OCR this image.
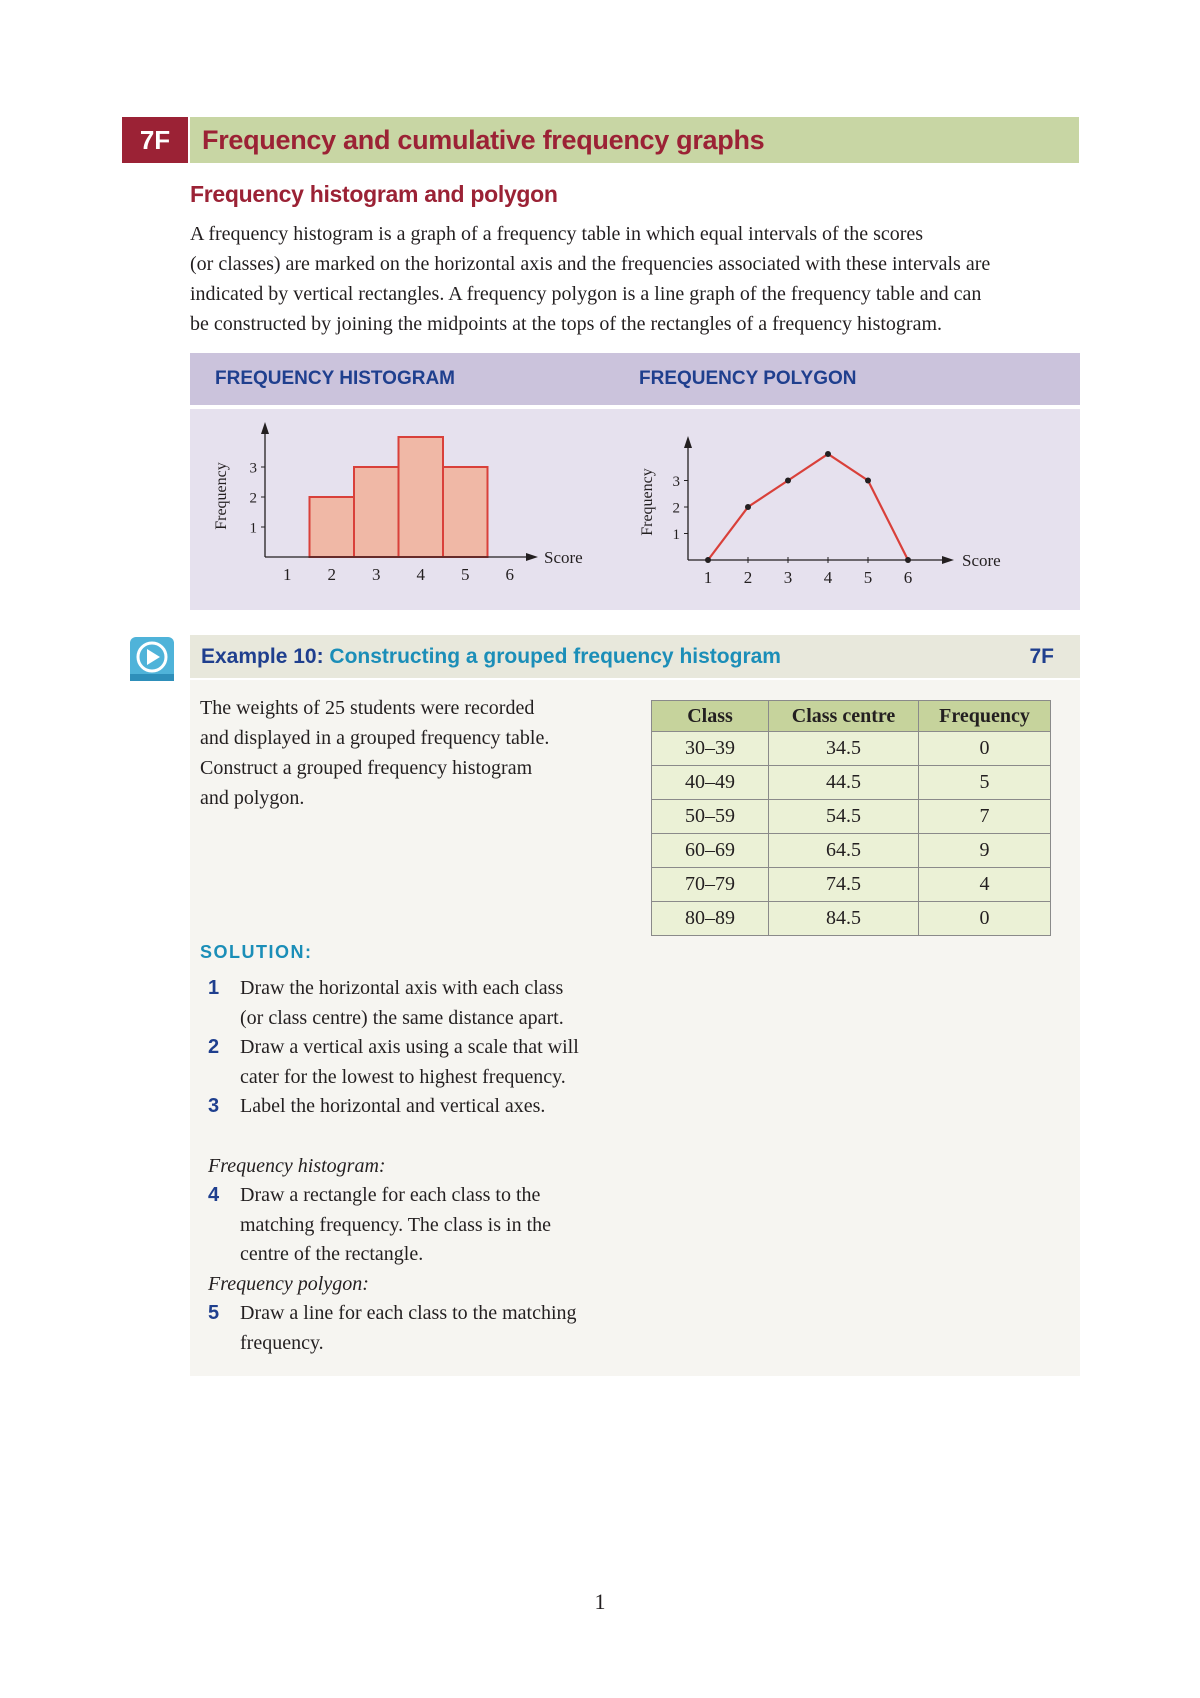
7F	Frequency and cumulative frequency graphs
Frequency histogram and polygon
A frequency histogram is a graph of a frequency table in which equal intervals of the scores
(or classes) are marked on the horizontal axis and the frequencies associated with these intervals are
indicated by vertical rectangles. A frequency polygon is a line graph of the frequency table and can
be constructed by joining the midpoints at the tops of the rectangles of a frequency histogram.
FREQUENCY HISTOGRAM	FREQUENCY POLYGON
1 2 3 4 5 6
1
2
3
Frequency
Score
1 2 3 4 5 6
1
2
3
Frequency
Score
Example 10: Constructing a grouped frequency histogram	7F
The weights of 25 students were recorded
and displayed in a grouped frequency table.
Construct a grouped frequency histogram
and polygon.
Class	Class centre	Frequency
30–39	34.5	0
40–49	44.5	5
50–59	54.5	7
60–69	64.5	9
70–79	74.5	4
80–89	84.5	0
SOLUTION:
1 Draw the horizontal axis with each class
(or class centre) the same distance apart.
2 Draw a vertical axis using a scale that will
cater for the lowest to highest frequency.
3 Label the horizontal and vertical axes.
Frequency histogram:
4 Draw a rectangle for each class to the
matching frequency. The class is in the
centre of the rectangle.
Frequency polygon:
5 Draw a line for each class to the matching
frequency.
1
